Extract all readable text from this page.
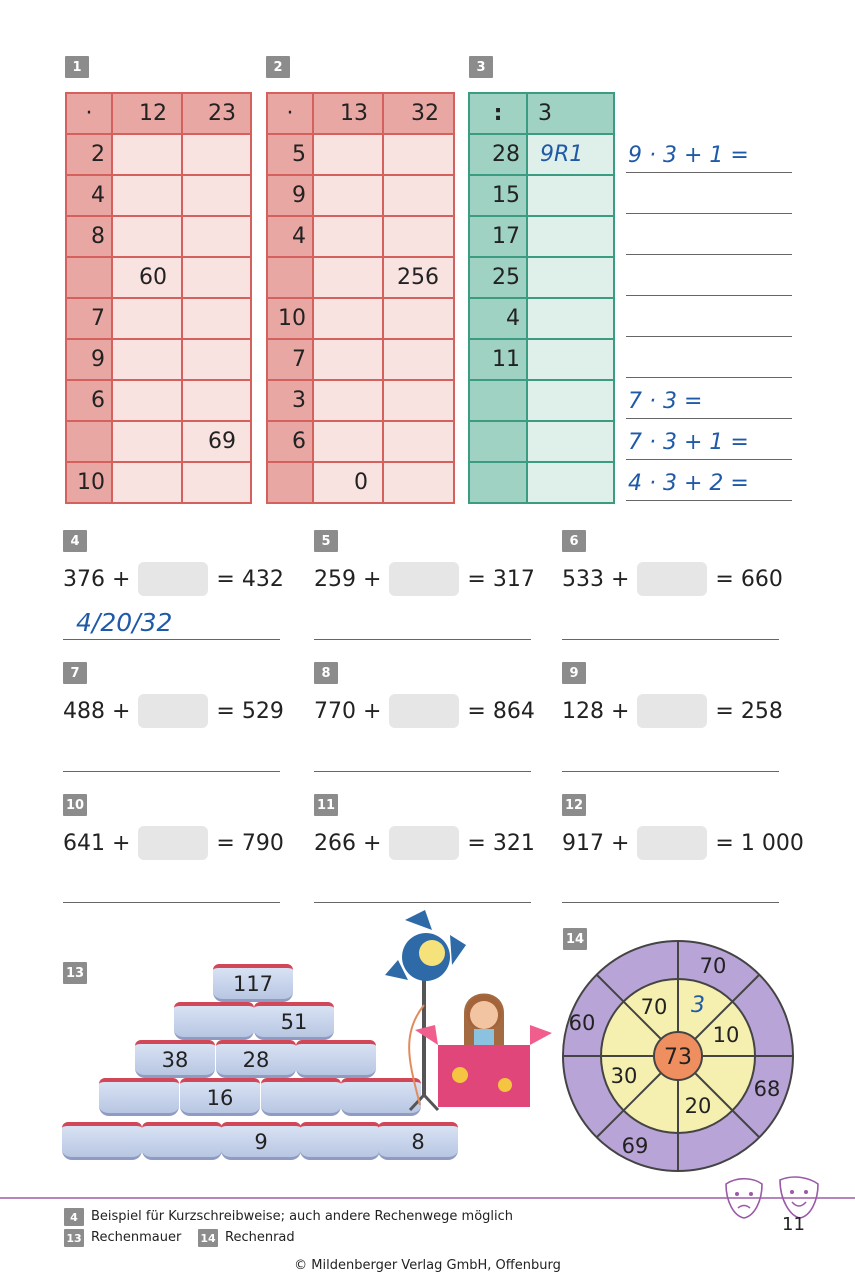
1	2	3
·	12	23
2		
4		
8		
	60	
7		
9		
6		
		69
10		
·	13	32
5		
9		
4		
		256
10		
7		
3		
6		
	0	
:	3
28	9R1
15	
17	
25	
4	
11	

9 · 3 + 1 =
7 · 3 =
7 · 3 + 1 =
4 · 3 + 2 =
4	5	6
376 +	= 432 259 +	= 317 533 +	= 660
4/20/32
7	8	9
488 +	= 529 770 +	= 864 128 +	= 258
10	11	12
641 +	= 790 266 +	= 321 917 +	= 1 000
13	117
51
38	28
16
9	8
14
73
70 3
10
30
20
70
60
68
69
4	Beispiel für Kurzschreibweise; auch andere Rechenwege möglich
13 Rechenmauer 14 Rechenrad
11
© Mildenberger Verlag GmbH, Offenburg
